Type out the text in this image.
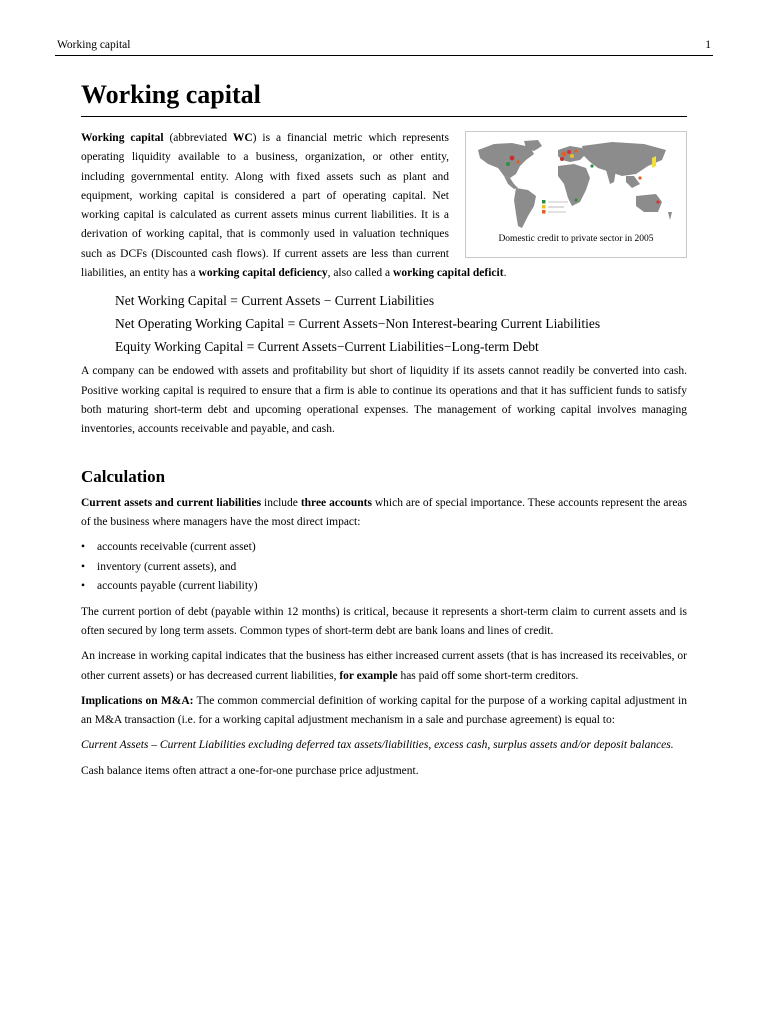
Working capital	1
Working capital
Domestic credit to private sector in 2005

Working capital (abbreviated WC) is a financial metric which represents operating liquidity available to a business, organization, or other entity, including governmental entity. Along with fixed assets such as plant and equipment, working capital is considered a part of operating capital. Net working capital is calculated as current assets minus current liabilities. It is a derivation of working capital, that is commonly used in valuation techniques such as DCFs (Discounted cash flows). If current assets are less than current liabilities, an entity has a working capital deficiency, also called a working capital deficit.

Net Working Capital = Current Assets − Current Liabilities
Net Operating Working Capital = Current Assets−Non Interest-bearing Current Liabilities
Equity Working Capital = Current Assets−Current Liabilities−Long-term Debt

A company can be endowed with assets and profitability but short of liquidity if its assets cannot readily be converted into cash. Positive working capital is required to ensure that a firm is able to continue its operations and that it has sufficient funds to satisfy both maturing short-term debt and upcoming operational expenses. The management of working capital involves managing inventories, accounts receivable and payable, and cash.

Calculation

Current assets and current liabilities include three accounts which are of special importance. These accounts represent the areas of the business where managers have the most direct impact:

• accounts receivable (current asset)
• inventory (current assets), and
• accounts payable (current liability)

The current portion of debt (payable within 12 months) is critical, because it represents a short-term claim to current assets and is often secured by long term assets. Common types of short-term debt are bank loans and lines of credit.

An increase in working capital indicates that the business has either increased current assets (that is has increased its receivables, or other current assets) or has decreased current liabilities, for example has paid off some short-term creditors.

Implications on M&A: The common commercial definition of working capital for the purpose of a working capital adjustment in an M&A transaction (i.e. for a working capital adjustment mechanism in a sale and purchase agreement) is equal to:

Current Assets – Current Liabilities excluding deferred tax assets/liabilities, excess cash, surplus assets and/or deposit balances.

Cash balance items often attract a one-for-one purchase price adjustment.
